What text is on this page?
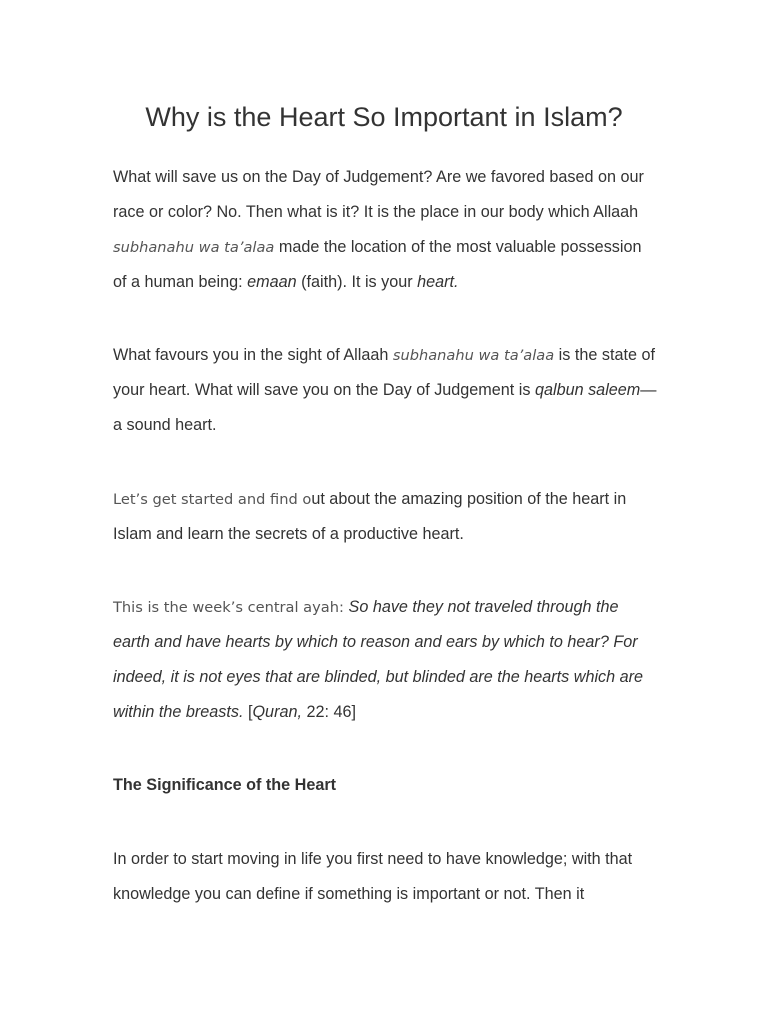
Why is the Heart So Important in Islam?

What will save us on the Day of Judgement? Are we favored based on our race or color? No. Then what is it? It is the place in our body which Allaah subhanahu wa ta’alaa made the location of the most valuable possession of a human being: emaan (faith). It is your heart.

What favours you in the sight of Allaah subhanahu wa ta’alaa is the state of your heart. What will save you on the Day of Judgement is qalbun saleem— a sound heart.

Let’s get started and find out about the amazing position of the heart in Islam and learn the secrets of a productive heart.

This is the week’s central ayah: So have they not traveled through the earth and have hearts by which to reason and ears by which to hear? For indeed, it is not eyes that are blinded, but blinded are the hearts which are within the breasts. [Quran, 22: 46]

The Significance of the Heart

In order to start moving in life you first need to have knowledge; with that knowledge you can define if something is important or not. Then it
